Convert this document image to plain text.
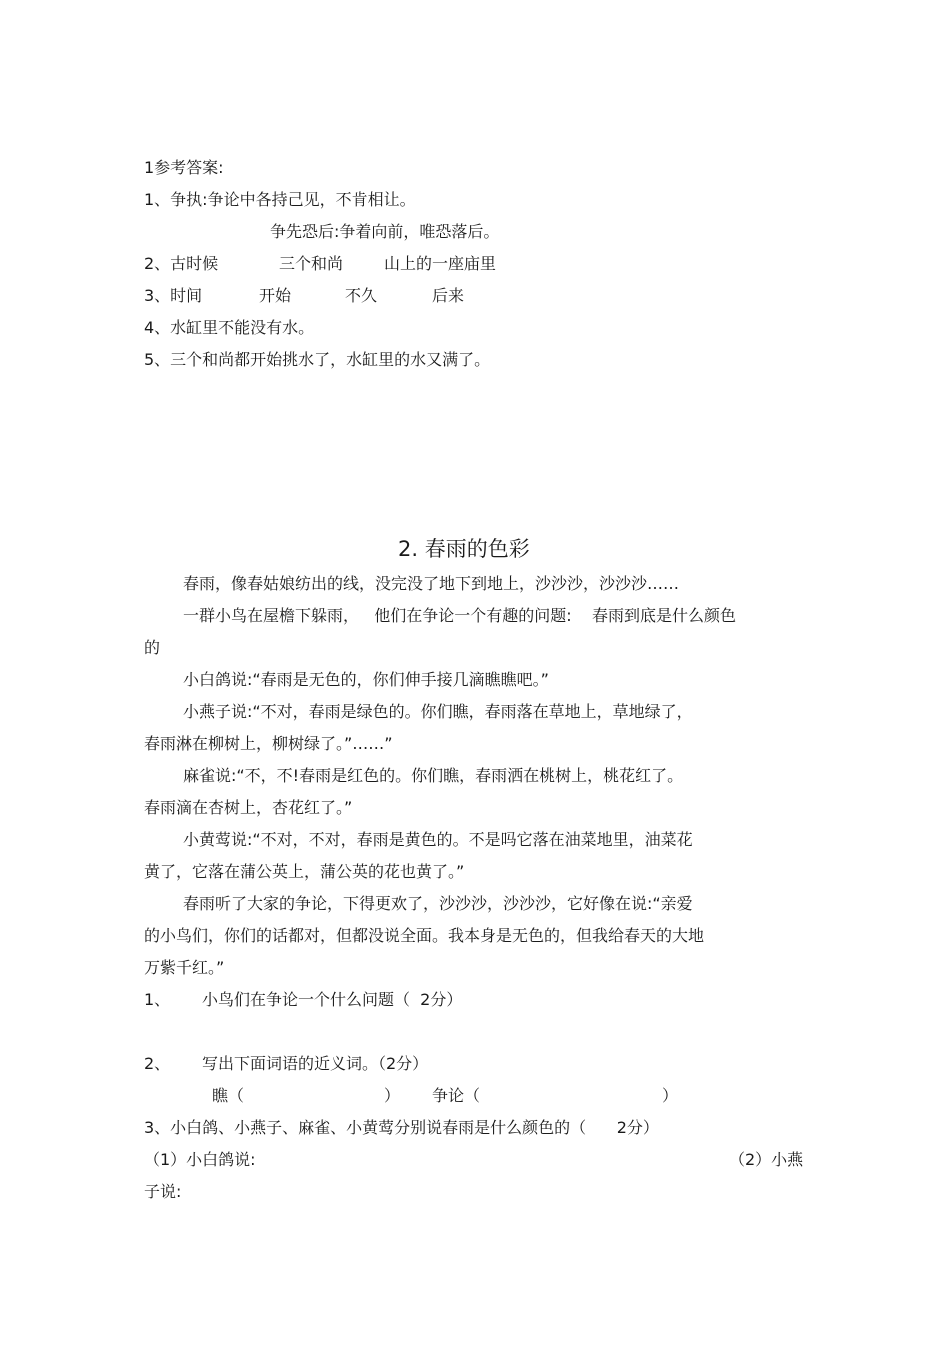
1参考答案:
1、争执:争论中各持己见，不肯相让。
争先恐后:争着向前，唯恐落后。
2、古时候	三个和尚	山上的一座庙里
3、时间	开始	不久	后来
4、水缸里不能没有水。
5、三个和尚都开始挑水了，水缸里的水又满了。
2. 春雨的色彩
春雨，像春姑娘纺出的线，没完没了地下到地上，沙沙沙，沙沙沙……
一群小鸟在屋檐下躲雨，   他们在争论一个有趣的问题:    春雨到底是什么颜色
的
小白鸽说:“春雨是无色的，你们伸手接几滴瞧瞧吧。”
小燕子说:“不对，春雨是绿色的。你们瞧，春雨落在草地上，草地绿了，
春雨淋在柳树上，柳树绿了。”……”
麻雀说:“不，不!春雨是红色的。你们瞧，春雨洒在桃树上，桃花红了。
春雨滴在杏树上，杏花红了。”
小黄莺说:“不对，不对，春雨是黄色的。不是吗它落在油菜地里，油菜花
黄了，它落在蒲公英上，蒲公英的花也黄了。”
春雨听了大家的争论，下得更欢了，沙沙沙，沙沙沙，它好像在说:“亲爱
的小鸟们，你们的话都对，但都没说全面。我本身是无色的，但我给春天的大地
万紫千红。”
1、 小鸟们在争论一个什么问题（  2分）
2、 写出下面词语的近义词。（2分）
瞧（	） 争论（	）
3、小白鸽、小燕子、麻雀、小黄莺分别说春雨是什么颜色的（      2分）
（1）小白鸽说:	（2）小燕
子说:
